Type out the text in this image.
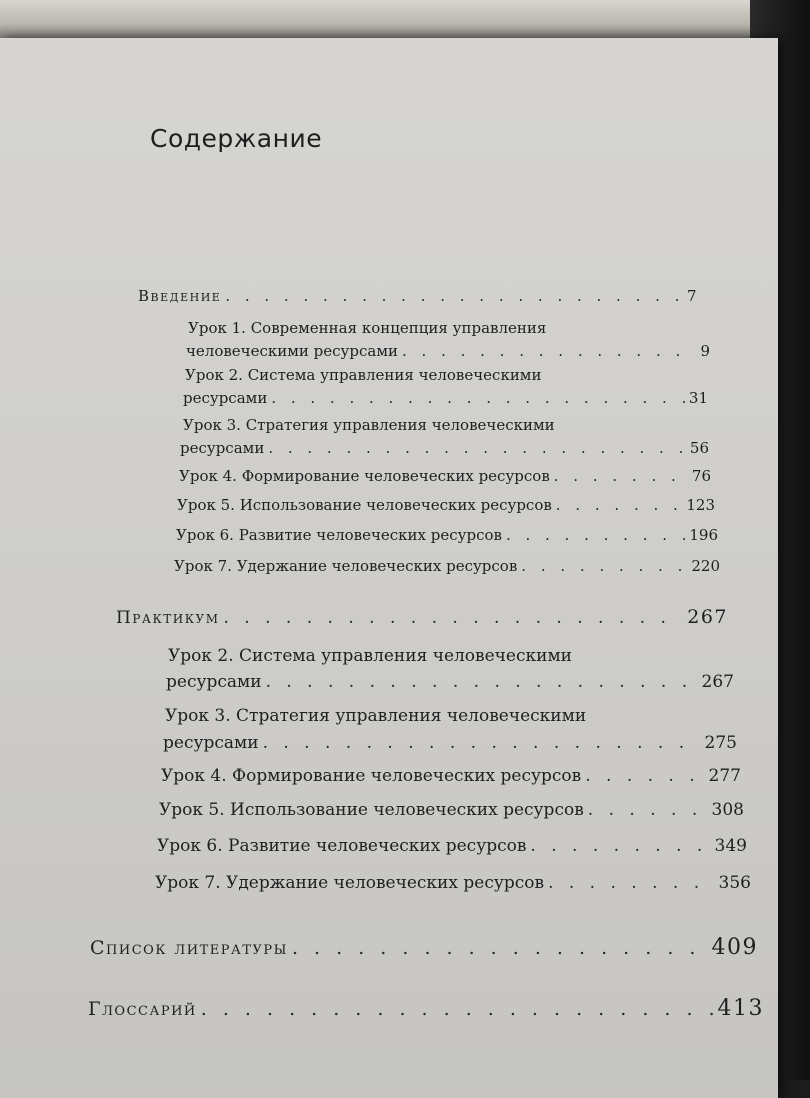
Содержание
Введение . . .	7
Урок 1. Современная концепция управления
человеческими ресурсами . . .	9
Урок 2. Система управления человеческими
ресурсами . . .	31
Урок 3. Стратегия управления человеческими
ресурсами . . .	56
Урок 4. Формирование человеческих ресурсов . . .	76
Урок 5. Использование человеческих ресурсов . . .	123
Урок 6. Развитие человеческих ресурсов . . .	196
Урок 7. Удержание человеческих ресурсов . . .	220
Практикум . . .	267
Урок 2. Система управления человеческими
ресурсами . . .	267
Урок 3. Стратегия управления человеческими
ресурсами . . .	275
Урок 4. Формирование человеческих ресурсов . . .	277
Урок 5. Использование человеческих ресурсов . . .	308
Урок 6. Развитие человеческих ресурсов . . .	349
Урок 7. Удержание человеческих ресурсов . . .	356
Список литературы . . .	409
Глоссарий . . .	413
